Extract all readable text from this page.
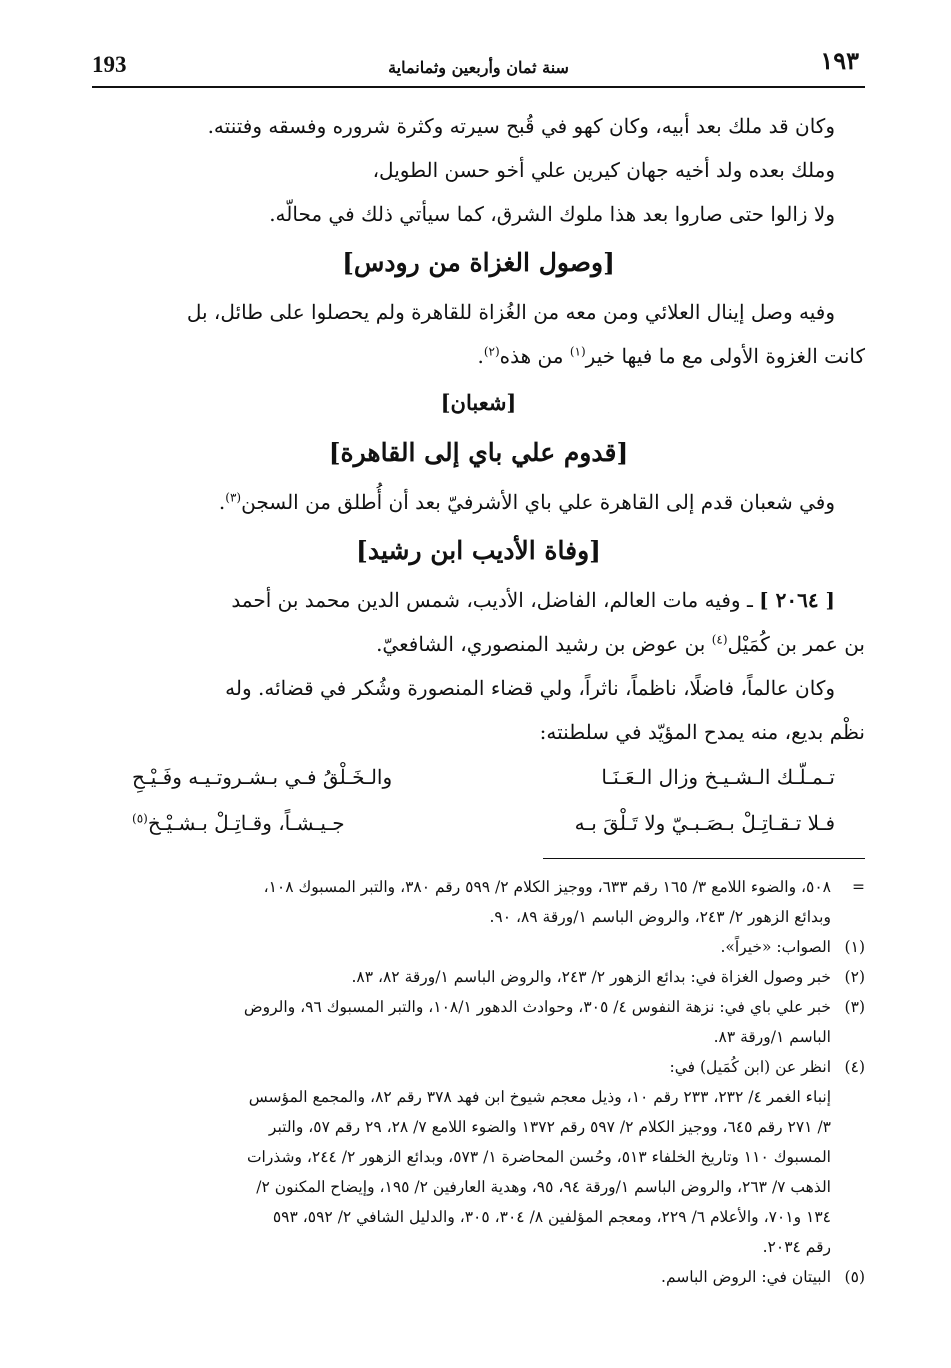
193	سنة ثمان وأربعين وثمانماية	١٩٣

وكان قد ملك بعد أبيه، وكان كهو في قُبح سيرته وكثرة شروره وفسقه وفتنته.

وملك بعده ولد أخيه جهان كيرين علي أخو حسن الطويل،

ولا زالوا حتى صاروا بعد هذا ملوك الشرق، كما سيأتي ذلك في محالّه.

[وصول الغزاة من رودس]

وفيه وصل إينال العلائي ومن معه من الغُزاة للقاهرة ولم يحصلوا على طائل، بل

كانت الغزوة الأولى مع ما فيها خير$^{(١)}$ من هذه$^{(٢)}$.

[شعبان]
[قدوم علي باي إلى القاهرة]

وفي شعبان قدم إلى القاهرة علي باي الأشرفيّ بعد أن أُطلق من السجن$^{(٣)}$.

[وفاة الأديب ابن رشيد]

[ ٢٠٦٤ ] ـ وفيه مات العالم، الفاضل، الأديب، شمس الدين محمد بن أحمد

بن عمر بن كُمَيْل$^{(٤)}$ بن عوض بن رشيد المنصوري، الشافعيّ.

وكان عالماً، فاضلًا، ناظماً، ناثراً، ولي قضاء المنصورة وشُكر في قضائه. وله

نظْم بديع، منه يمدح المؤيّد في سلطنته:

تـمـلّـك الـشـيـخ وزال الـعَـنَـا
والـخَـلْقُ فـي بـشـروتـيـه وفَـيْـحِ
فـلا تـقـاتِـلْ بـصَـبـيّ ولا تَـلْقَ بـه
جـيـشـاً، وقـاتِـلْ بـشـيْـخ$^{(٥)}$
=
٥٠٨، والضوء اللامع ٣/ ١٦٥ رقم ٦٣٣، ووجيز الكلام ٢/ ٥٩٩ رقم ٣٨٠، والتبر المسبوك ١٠٨،
وبدائع الزهور ٢/ ٢٤٣، والروض الباسم ١/ورقة ٨٩، ٩٠.
(١)
الصواب: «خيراً».
(٢)
خبر وصول الغزاة في: بدائع الزهور ٢/ ٢٤٣، والروض الباسم ١/ورقة ٨٢، ٨٣.
(٣)
خبر علي باي في: نزهة النفوس ٤/ ٣٠٥، وحوادث الدهور ١٠٨/١، والتبر المسبوك ٩٦، والروض
الباسم ١/ورقة ٨٣.
(٤)
انظر عن (ابن كُمَيل) في:
إنباء الغمر ٤/ ٢٣٢، ٢٣٣ رقم ١٠، وذيل معجم شيوخ ابن فهد ٣٧٨ رقم ٨٢، والمجمع المؤسس
٣/ ٢٧١ رقم ٦٤٥، ووجيز الكلام ٢/ ٥٩٧ رقم ١٣٧٢ والضوء اللامع ٧/ ٢٨، ٢٩ رقم ٥٧، والتبر
المسبوك ١١٠ وتاريخ الخلفاء ٥١٣، وحُسن المحاضرة ١/ ٥٧٣، وبدائع الزهور ٢/ ٢٤٤، وشذرات
الذهب ٧/ ٢٦٣، والروض الباسم ١/ورقة ٩٤، ٩٥، وهدية العارفين ٢/ ١٩٥، وإيضاح المكنون ٢/
١٣٤ و٧٠١، والأعلام ٦/ ٢٢٩، ومعجم المؤلفين ٨/ ٣٠٤، ٣٠٥، والدليل الشافي ٢/ ٥٩٢، ٥٩٣
رقم ٢٠٣٤.
(٥)
البيتان في: الروض الباسم.
